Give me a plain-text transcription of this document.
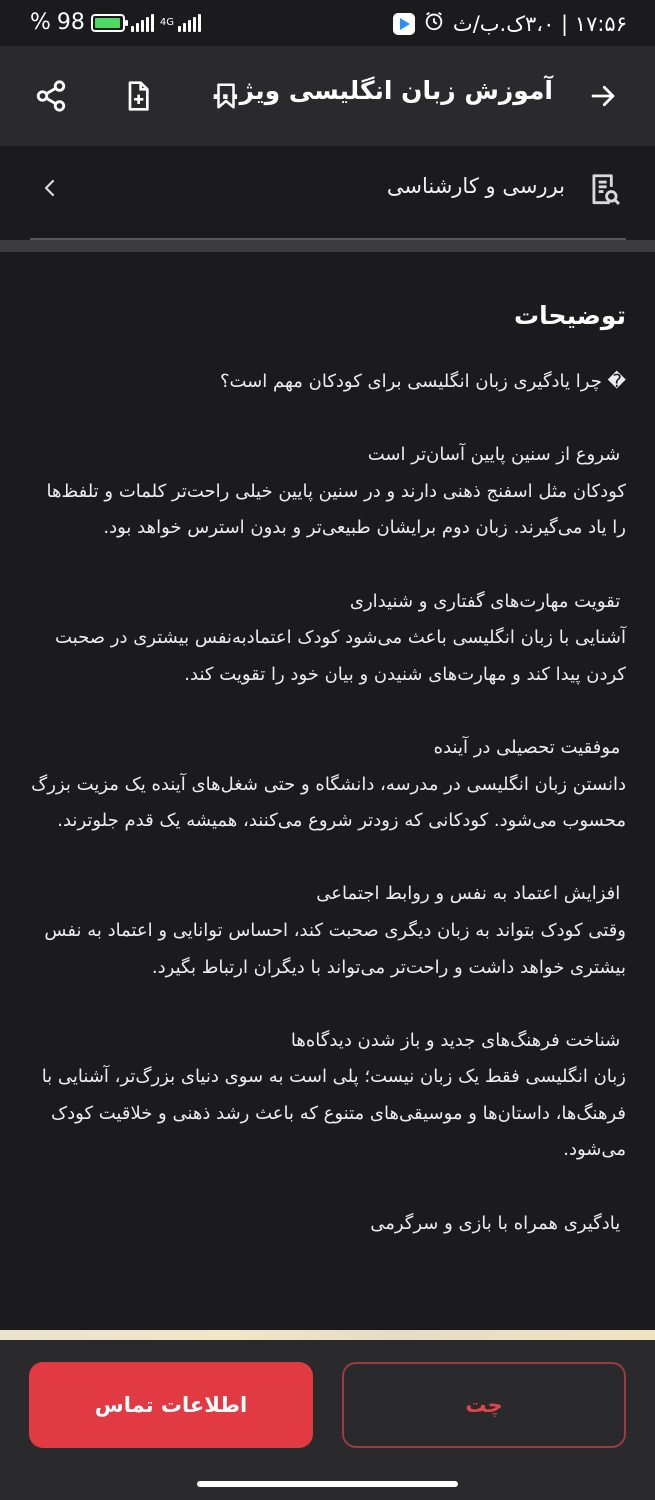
% 98	4G	۱۷:۵۶ | ۳،۰ک.ب/ث
آموزش زبان انگلیسی ویژ...
بررسی و کارشناسی
توضیحات
� چرا یادگیری زبان انگلیسی برای کودکان مهم است؟

شروع از سنین پایین آسان‌تر است
کودکان مثل اسفنج ذهنی دارند و در سنین پایین خیلی راحت‌تر کلمات و تلفظ‌ها را یاد می‌گیرند. زبان دوم برایشان طبیعی‌تر و بدون استرس خواهد بود.

تقویت مهارت‌های گفتاری و شنیداری
آشنایی با زبان انگلیسی باعث می‌شود کودک اعتمادبه‌نفس بیشتری در صحبت کردن پیدا کند و مهارت‌های شنیدن و بیان خود را تقویت کند.

موفقیت تحصیلی در آینده
دانستن زبان انگلیسی در مدرسه، دانشگاه و حتی شغل‌های آینده یک مزیت بزرگ محسوب می‌شود. کودکانی که زودتر شروع می‌کنند، همیشه یک قدم جلوترند.

افزایش اعتماد به نفس و روابط اجتماعی
وقتی کودک بتواند به زبان دیگری صحبت کند، احساس توانایی و اعتماد به نفس بیشتری خواهد داشت و راحت‌تر می‌تواند با دیگران ارتباط بگیرد.

شناخت فرهنگ‌های جدید و باز شدن دیدگاه‌ها
زبان انگلیسی فقط یک زبان نیست؛ پلی است به سوی دنیای بزرگ‌تر، آشنایی با فرهنگ‌ها، داستان‌ها و موسیقی‌های متنوع که باعث رشد ذهنی و خلاقیت کودک می‌شود.

یادگیری همراه با بازی و سرگرمی
چت
اطلاعات تماس
